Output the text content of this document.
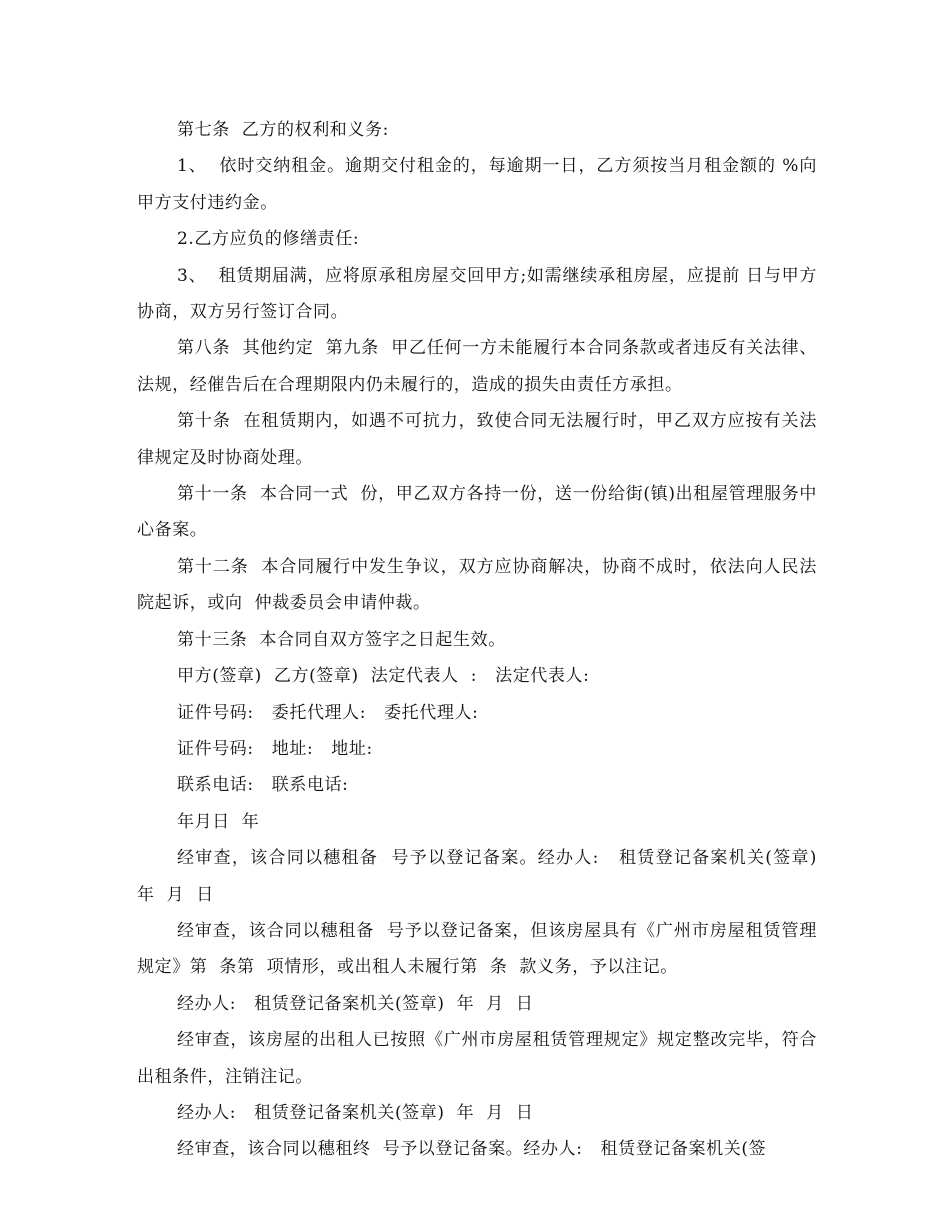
第七条  乙方的权利和义务:

1、  依时交纳租金。逾期交付租金的，每逾期一日，乙方须按当月租金额的 %向甲方支付违约金。

2.乙方应负的修缮责任:

3、  租赁期届满，应将原承租房屋交回甲方;如需继续承租房屋，应提前 日与甲方协商，双方另行签订合同。

第八条  其他约定  第九条  甲乙任何一方未能履行本合同条款或者违反有关法律、法规，经催告后在合理期限内仍未履行的，造成的损失由责任方承担。

第十条  在租赁期内，如遇不可抗力，致使合同无法履行时，甲乙双方应按有关法律规定及时协商处理。

第十一条  本合同一式  份，甲乙双方各持一份，送一份给街(镇)出租屋管理服务中心备案。

第十二条  本合同履行中发生争议，双方应协商解决，协商不成时，依法向人民法院起诉，或向  仲裁委员会申请仲裁。

第十三条  本合同自双方签字之日起生效。

甲方(签章)  乙方(签章)  法定代表人  :   法定代表人:

证件号码:   委托代理人:   委托代理人:

证件号码:   地址:   地址:

联系电话:   联系电话:

年月日  年

经审查，该合同以穗租备  号予以登记备案。经办人:   租赁登记备案机关(签章)  年  月  日

经审查，该合同以穗租备  号予以登记备案，但该房屋具有《广州市房屋租赁管理规定》第  条第  项情形，或出租人未履行第  条  款义务，予以注记。

经办人:   租赁登记备案机关(签章)  年  月  日

经审查，该房屋的出租人已按照《广州市房屋租赁管理规定》规定整改完毕，符合出租条件，注销注记。

经办人:   租赁登记备案机关(签章)  年  月  日

经审查，该合同以穗租终  号予以登记备案。经办人:   租赁登记备案机关(签
